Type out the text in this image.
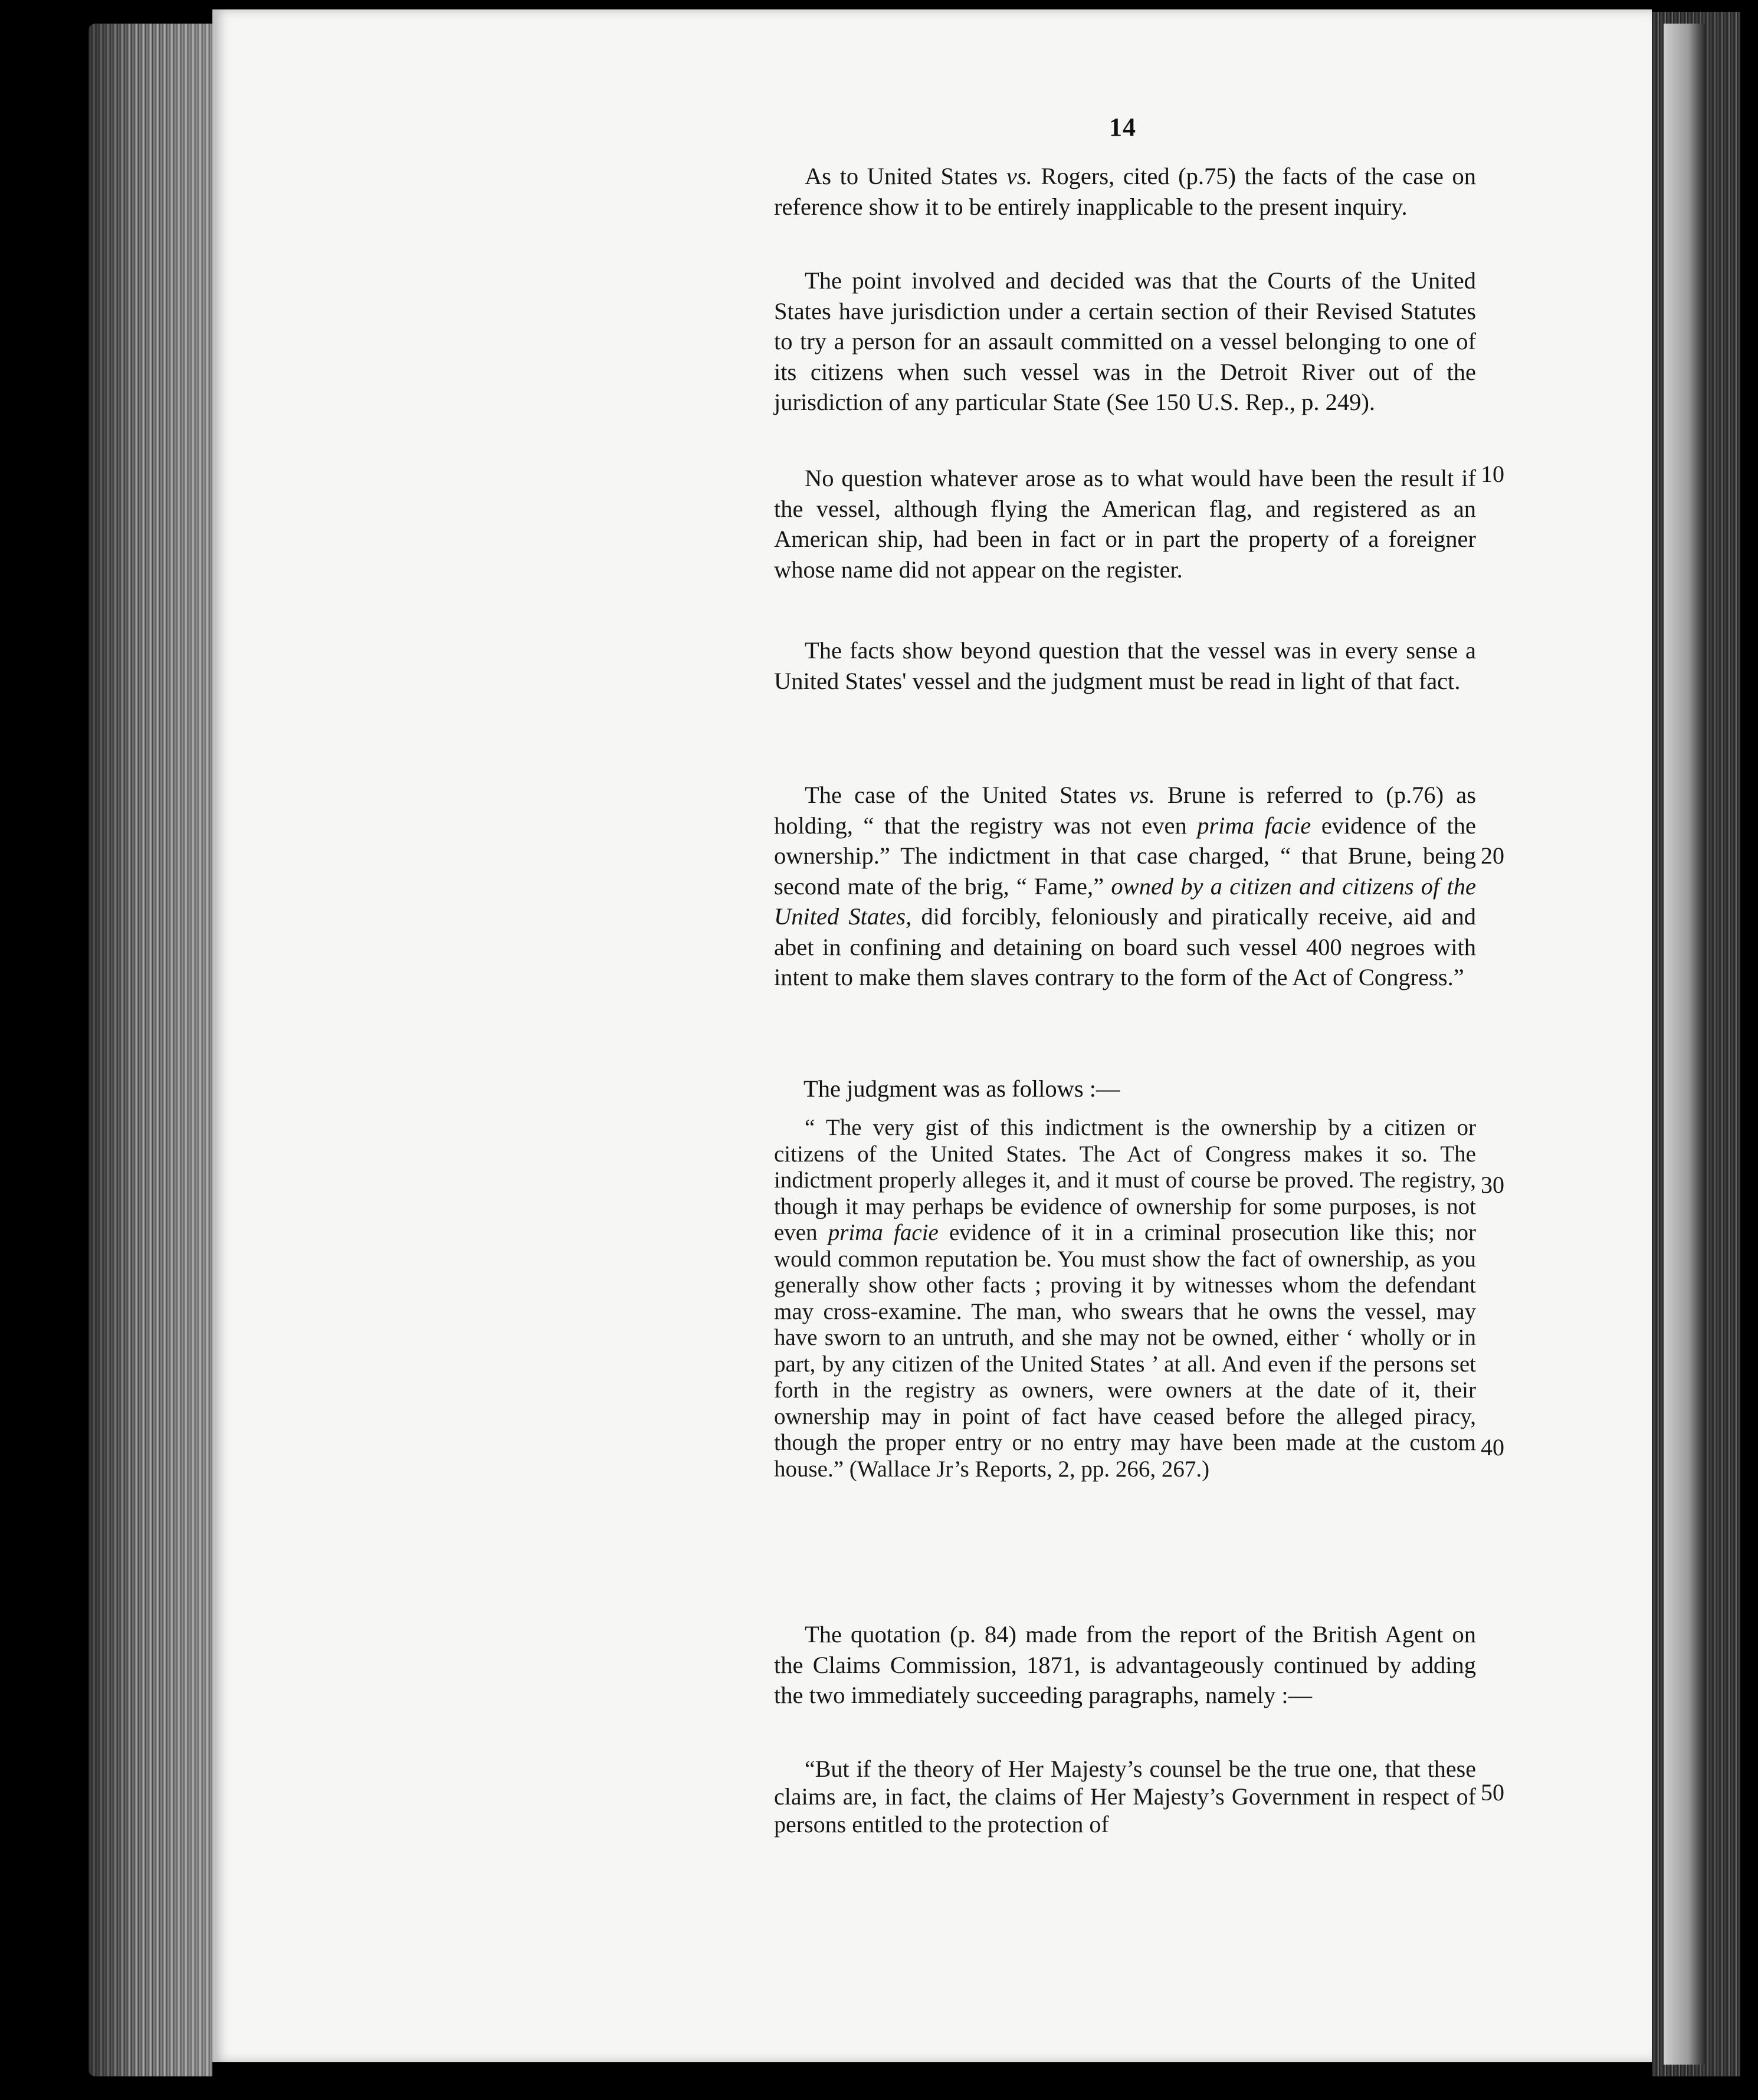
14

As to United States vs. Rogers, cited (p.75) the facts of the case on reference show it to be entirely inapplicable to the present inquiry.

The point involved and decided was that the Courts of the United States have jurisdiction under a certain section of their Revised Statutes to try a person for an assault committed on a vessel belonging to one of its citizens when such vessel was in the Detroit River out of the jurisdiction of any particular State (See 150 U.S. Rep., p. 249).

No question whatever arose as to what would have been the result if the vessel, although flying the American flag, and registered as an American ship, had been in fact or in part the property of a foreigner whose name did not appear on the register.

The facts show beyond question that the vessel was in every sense a United States' vessel and the judgment must be read in light of that fact.

The case of the United States vs. Brune is referred to (p.76) as holding, “ that the registry was not even prima facie evidence of the ownership.” The indictment in that case charged, “ that Brune, being second mate of the brig, “ Fame,” owned by a citizen and citizens of the United States, did forcibly, feloniously and piratically receive, aid and abet in confining and detaining on board such vessel 400 negroes with intent to make them slaves contrary to the form of the Act of Congress.”

The judgment was as follows :—

“ The very gist of this indictment is the ownership by a citizen or citizens of the United States. The Act of Congress makes it so. The indictment properly alleges it, and it must of course be proved. The registry, though it may perhaps be evidence of ownership for some purposes, is not even prima facie evidence of it in a criminal prosecution like this; nor would common reputation be. You must show the fact of ownership, as you generally show other facts ; proving it by witnesses whom the defendant may cross-examine. The man, who swears that he owns the vessel, may have sworn to an untruth, and she may not be owned, either ‘ wholly or in part, by any citizen of the United States ’ at all. And even if the persons set forth in the registry as owners, were owners at the date of it, their ownership may in point of fact have ceased before the alleged piracy, though the proper entry or no entry may have been made at the custom house.” (Wallace Jr’s Reports, 2, pp. 266, 267.)

The quotation (p. 84) made from the report of the British Agent on the Claims Commission, 1871, is advantageously continued by adding the two immediately succeeding paragraphs, namely :—

“But if the theory of Her Majesty’s counsel be the true one, that these claims are, in fact, the claims of Her Majesty’s Government in respect of persons entitled to the protection of

10
20
30
40
50
